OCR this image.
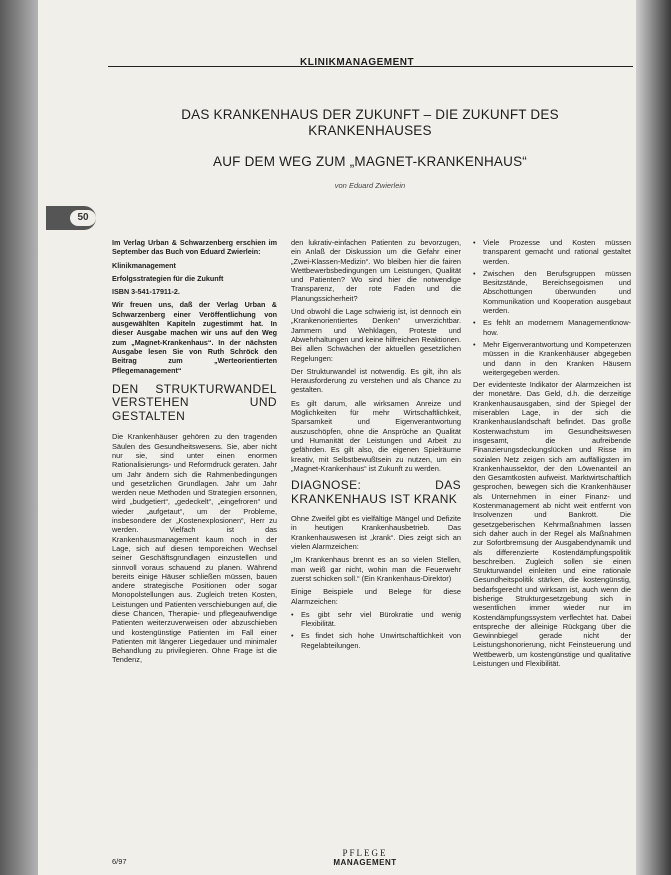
KLINIKMANAGEMENT
50
DAS KRANKENHAUS DER ZUKUNFT – DIE ZUKUNFT DES KRANKENHAUSES
AUF DEM WEG ZUM „MAGNET-KRANKENHAUS“
von Eduard Zwierlein

Im Verlag Urban & Schwarzenberg erschien im September das Buch von Eduard Zwierlein:

Klinikmanagement

Erfolgsstrategien für die Zukunft

ISBN 3-541-17911-2.

Wir freuen uns, daß der Verlag Urban & Schwarzenberg einer Veröffentlichung von ausgewählten Kapiteln zugestimmt hat. In dieser Ausgabe machen wir uns auf den Weg zum „Magnet-Krankenhaus“. In der nächsten Ausgabe lesen Sie von Ruth Schröck den Beitrag zum „Werteorientierten Pflegemanagement“

DEN STRUKTURWANDEL VERSTEHEN UND GESTALTEN

Die Krankenhäuser gehören zu den tragenden Säulen des Gesundheitswesens. Sie, aber nicht nur sie, sind unter einen enormen Rationalisierungs- und Reformdruck geraten. Jahr um Jahr ändern sich die Rahmenbedingungen und gesetzlichen Grundlagen. Jahr um Jahr werden neue Methoden und Strategien ersonnen, wird „budgetiert“, „gedeckelt“, „eingefroren“ und wieder „aufgetaut“, um der Probleme, insbesondere der „Kostenexplosionen“, Herr zu werden. Vielfach ist das Krankenhausmanagement kaum noch in der Lage, sich auf diesen temporeichen Wechsel seiner Geschäftsgrundlagen einzustellen und sinnvoll voraus schauend zu planen. Während bereits einige Häuser schließen müssen, bauen andere strategische Positionen oder sogar Monopolstellungen aus. Zugleich treten Kosten, Leistungen und Patienten verschiebungen auf, die diese Chancen, Therapie- und pflegeaufwendige Patienten weiterzuverweisen oder abzuschieben und kostengünstige Patienten im Fall einer Patienten mit längerer Liegedauer und minimaler Behandlung zu privilegieren. Ohne Frage ist die Tendenz,

den lukrativ-einfachen Patienten zu bevorzugen, ein Anlaß der Diskussion um die Gefahr einer „Zwei-Klassen-Medizin“. Wo bleiben hier die fairen Wettbewerbsbedingungen um Leistungen, Qualität und Patienten? Wo sind hier die notwendige Transparenz, der rote Faden und die Planungssicherheit?

Und obwohl die Lage schwierig ist, ist dennoch ein „Krankenorientiertes Denken“ unverzichtbar. Jammern und Wehklagen, Proteste und Abwehrhaltungen und keine hilfreichen Reaktionen. Bei allen Schwächen der aktuellen gesetzlichen Regelungen:

Der Strukturwandel ist notwendig. Es gilt, ihn als Herausforderung zu verstehen und als Chance zu gestalten.

Es gilt darum, alle wirksamen Anreize und Möglichkeiten für mehr Wirtschaftlichkeit, Sparsamkeit und Eigenverantwortung auszuschöpfen, ohne die Ansprüche an Qualität und Humanität der Leistungen und Arbeit zu gefährden. Es gilt also, die eigenen Spielräume kreativ, mit Selbstbewußtsein zu nutzen, um ein „Magnet-Krankenhaus“ ist Zukunft zu werden.

DIAGNOSE: DAS KRANKENHAUS IST KRANK

Ohne Zweifel gibt es vielfältige Mängel und Defizite in heutigen Krankenhausbetrieb. Das Krankenhauswesen ist „krank“. Dies zeigt sich an vielen Alarmzeichen:

„Im Krankenhaus brennt es an so vielen Stellen, man weiß gar nicht, wohin man die Feuerwehr zuerst schicken soll.“ (Ein Krankenhaus-Direktor)

Einige Beispiele und Belege für diese Alarmzeichen:

• Es gibt sehr viel Bürokratie und wenig Flexibilität.
• Es findet sich hohe Unwirtschaftlichkeit von Regelabteilungen.
• Viele Prozesse und Kosten müssen transparent gemacht und rational gestaltet werden.
• Zwischen den Berufsgruppen müssen Besitzstände, Bereichsegoismen und Abschottungen überwunden und Kommunikation und Kooperation ausgebaut werden.
• Es fehlt an modernem Managementknow-how.
• Mehr Eigenverantwortung und Kompetenzen müssen in die Krankenhäuser abgegeben und dann in den Kranken Häusern weitergegeben werden.

Der evidenteste Indikator der Alarmzeichen ist der monetäre. Das Geld, d.h. die derzeitige Krankenhausausgaben, sind der Spiegel der miserablen Lage, in der sich die Krankenhauslandschaft befindet. Das große Kostenwachstum im Gesundheitswesen insgesamt, die aufreibende Finanzierungsdeckungslücken und Risse im sozialen Netz zeigen sich am auffälligsten im Krankenhaussektor, der den Löwenanteil an den Gesamtkosten aufweist. Marktwirtschaftlich gesprochen, bewegen sich die Krankenhäuser als Unternehmen in einer Finanz- und Kostenmanagement ab nicht weit entfernt von Insolvenzen und Bankrott. Die gesetzgeberischen Kehrmaßnahmen lassen sich daher auch in der Regel als Maßnahmen zur Sofortbremsung der Ausgabendynamik und als differenzierte Kostendämpfungspolitik beschreiben. Zugleich sollen sie einen Strukturwandel einleiten und eine rationale Gesundheitspolitik stärken, die kostengünstig, bedarfsgerecht und wirksam ist, auch wenn die bisherige Strukturgesetzgebung sich in wesentlichen immer wieder nur im Kostendämpfungssystem verflechtet hat. Dabei entspreche der alleinige Rückgang über die Gewinnbiegel gerade nicht der Leistungshonorierung, nicht Feinsteuerung und Wettbewerb, um kostengünstige und qualitative Leistungen und Flexibilität.

6/97
PFLEGE
MANAGEMENT
